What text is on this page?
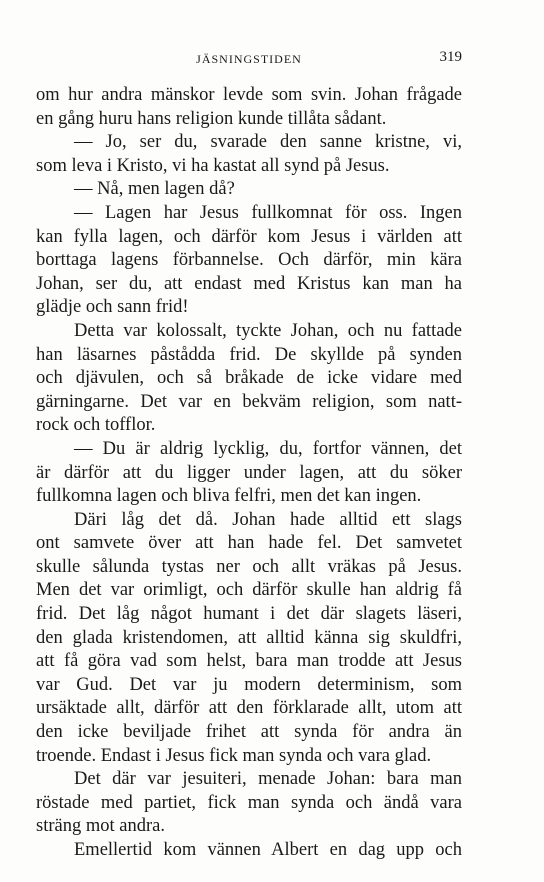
JÄSNINGSTIDEN	319
om hur andra mänskor levde som svin. Johan frågade
en gång huru hans religion kunde tillåta sådant.
— Jo, ser du, svarade den sanne kristne, vi,
som leva i Kristo, vi ha kastat all synd på Jesus.
— Nå, men lagen då?
— Lagen har Jesus fullkomnat för oss. Ingen
kan fylla lagen, och därför kom Jesus i världen att
borttaga lagens förbannelse. Och därför, min kära
Johan, ser du, att endast med Kristus kan man ha
glädje och sann frid!
Detta var kolossalt, tyckte Johan, och nu fattade
han läsarnes påstådda frid. De skyllde på synden
och djävulen, och så bråkade de icke vidare med
gärningarne. Det var en bekväm religion, som natt-
rock och tofflor.
— Du är aldrig lycklig, du, fortfor vännen, det
är därför att du ligger under lagen, att du söker
fullkomna lagen och bliva felfri, men det kan ingen.
Däri låg det då. Johan hade alltid ett slags
ont samvete över att han hade fel. Det samvetet
skulle sålunda tystas ner och allt vräkas på Jesus.
Men det var orimligt, och därför skulle han aldrig få
frid. Det låg något humant i det där slagets läseri,
den glada kristendomen, att alltid känna sig skuldfri,
att få göra vad som helst, bara man trodde att Jesus
var Gud. Det var ju modern determinism, som
ursäktade allt, därför att den förklarade allt, utom att
den icke beviljade frihet att synda för andra än
troende. Endast i Jesus fick man synda och vara glad.
Det där var jesuiteri, menade Johan: bara man
röstade med partiet, fick man synda och ändå vara
sträng mot andra.
Emellertid kom vännen Albert en dag upp och
